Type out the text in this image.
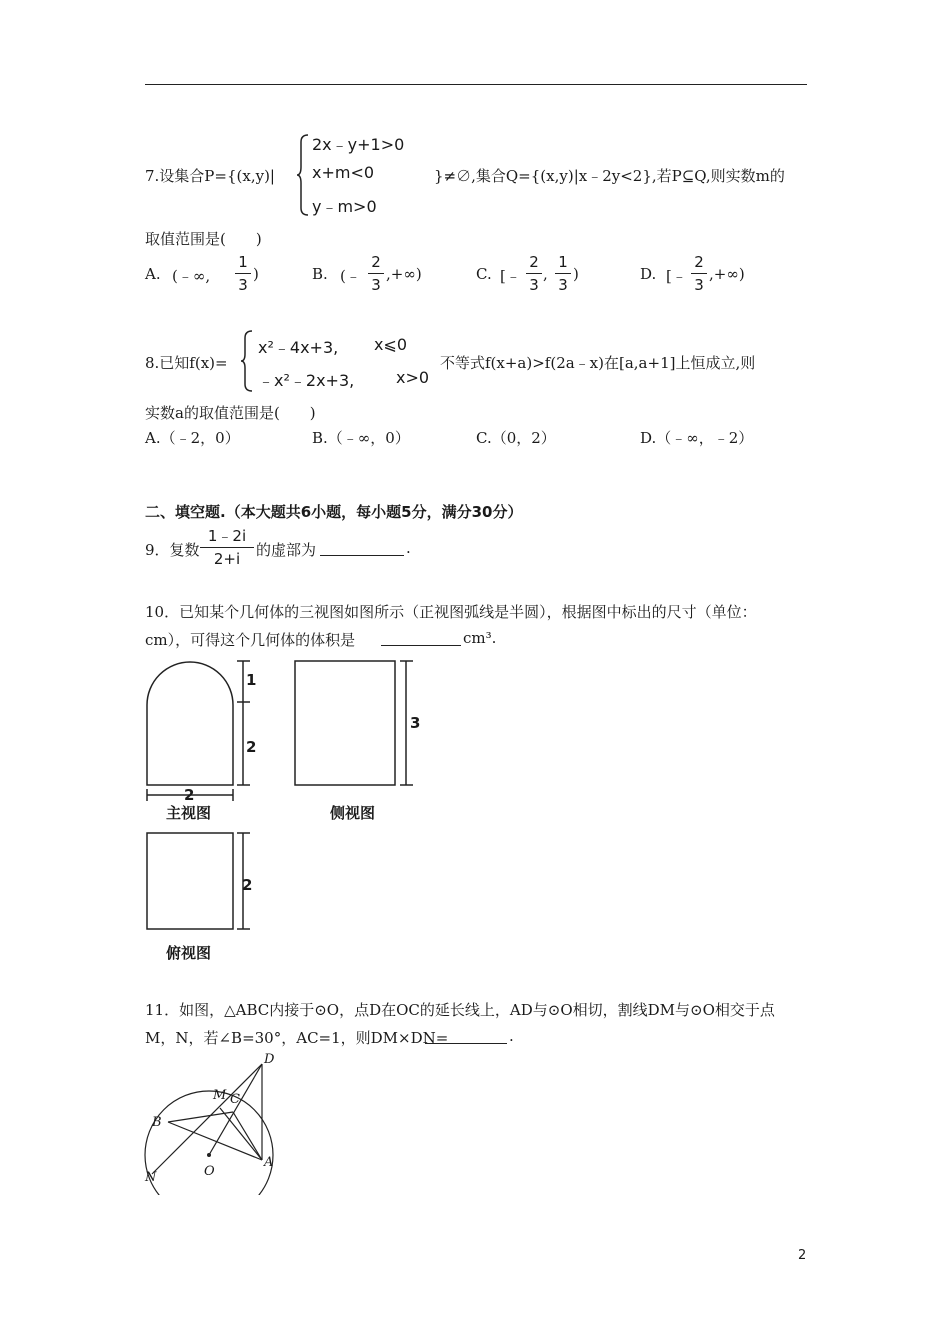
7.设集合P={(x,y)|
2x﹣y+1>0
x+m<0
y﹣m>0
}≠∅,集合Q={(x,y)|x﹣2y<2},若P⊆Q,则实数m的
取值范围是(　　)
A. (﹣∞,
1
3
)	B. (﹣
2
3
,+∞)	C. [﹣
2
3
,
1
3
)	D. [﹣
2
3
,+∞)
8.已知f(x)=
x²﹣4x+3, x⩽0
﹣x²﹣2x+3,	x>0
不等式f(x+a)>f(2a﹣x)在[a,a+1]上恒成立,则
实数a的取值范围是(　　)
A.（﹣2，0）	B.（﹣∞，0）	C.（0，2）	D.（﹣∞，﹣2）
二、填空题.（本大题共6小题，每小题5分，满分30分）
9．复数
1﹣2i
2+i	的虚部为	.
10．已知某个几何体的三视图如图所示（正视图弧线是半圆），根据图中标出的尺寸（单位：
cm），可得这个几何体的体积是	cm³.
1
2
2
3
2
主视图	侧视图
俯视图
11．如图，△ABC内接于⊙O，点D在OC的延长线上，AD与⊙O相切，割线DM与⊙O相交于点
M，N，若∠B=30°，AC=1，则DM×DN=	.
D
M C
B
N	O
A
2
